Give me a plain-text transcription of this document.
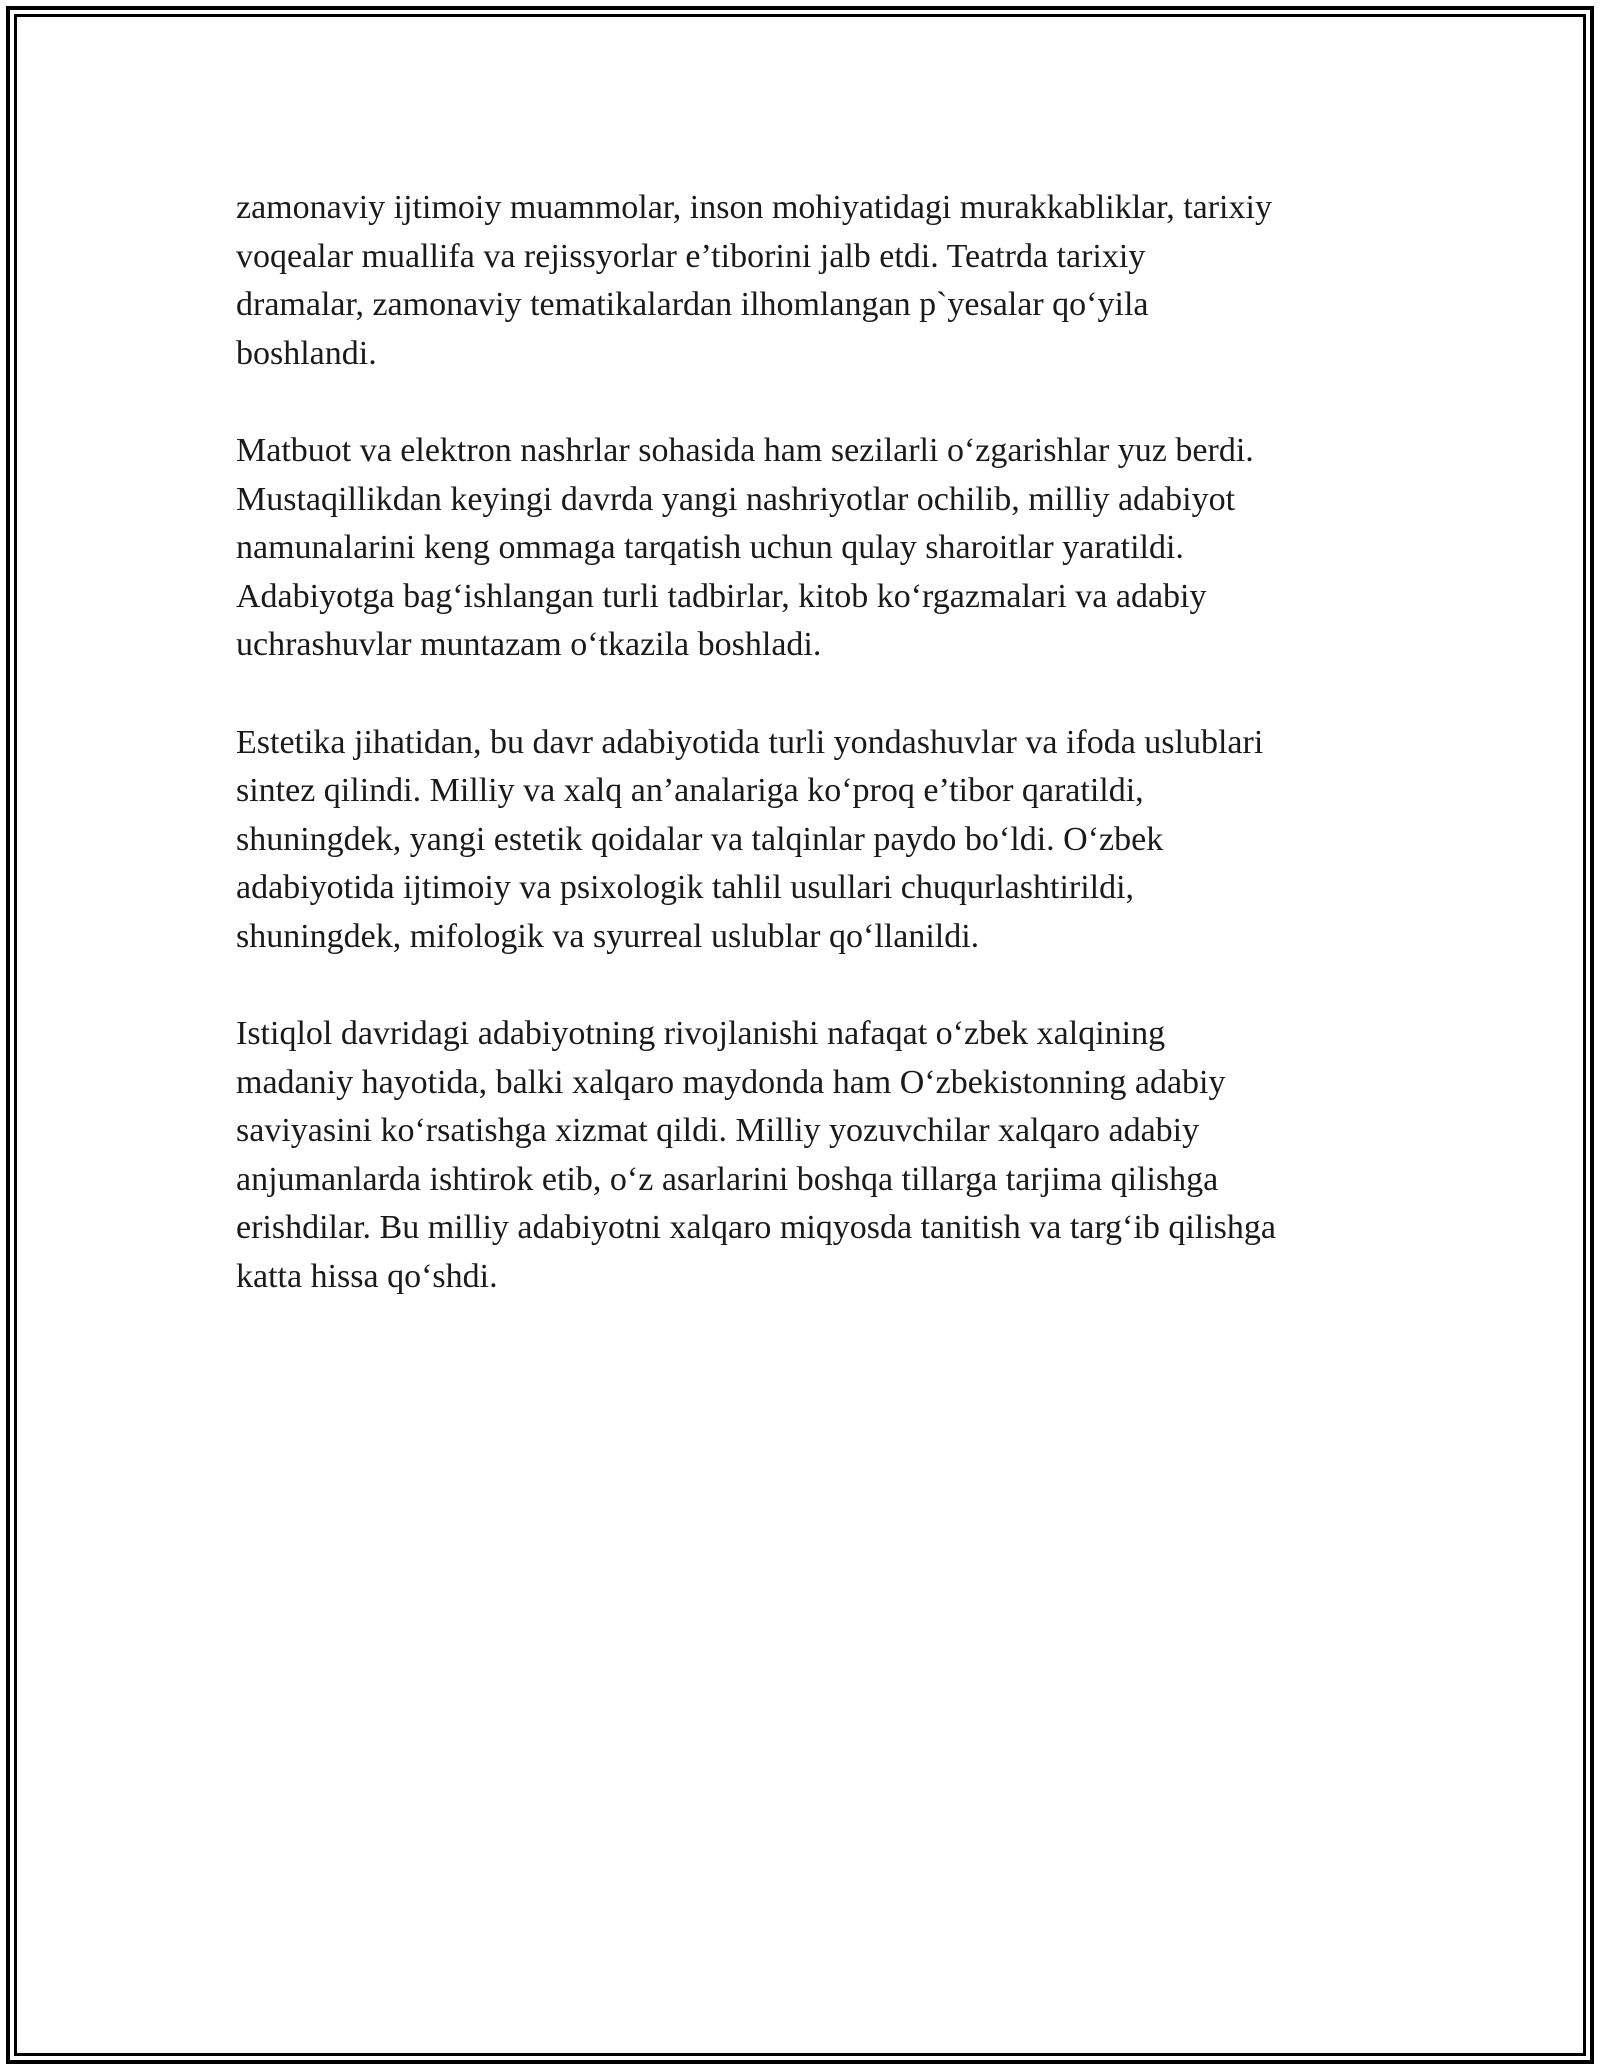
zamonaviy ijtimoiy muammolar, inson mohiyatidagi murakkabliklar, tarixiy
voqealar muallifa va rejissyorlar e’tiborini jalb etdi. Teatrda tarixiy
dramalar, zamonaviy tematikalardan ilhomlangan p`yesalar qo‘yila
boshlandi.

Matbuot va elektron nashrlar sohasida ham sezilarli o‘zgarishlar yuz berdi.
Mustaqillikdan keyingi davrda yangi nashriyotlar ochilib, milliy adabiyot
namunalarini keng ommaga tarqatish uchun qulay sharoitlar yaratildi.
Adabiyotga bag‘ishlangan turli tadbirlar, kitob ko‘rgazmalari va adabiy
uchrashuvlar muntazam o‘tkazila boshladi.

Estetika jihatidan, bu davr adabiyotida turli yondashuvlar va ifoda uslublari
sintez qilindi. Milliy va xalq an’analariga ko‘proq e’tibor qaratildi,
shuningdek, yangi estetik qoidalar va talqinlar paydo bo‘ldi. O‘zbek
adabiyotida ijtimoiy va psixologik tahlil usullari chuqurlashtirildi,
shuningdek, mifologik va syurreal uslublar qo‘llanildi.

Istiqlol davridagi adabiyotning rivojlanishi nafaqat o‘zbek xalqining
madaniy hayotida, balki xalqaro maydonda ham O‘zbekistonning adabiy
saviyasini ko‘rsatishga xizmat qildi. Milliy yozuvchilar xalqaro adabiy
anjumanlarda ishtirok etib, o‘z asarlarini boshqa tillarga tarjima qilishga
erishdilar. Bu milliy adabiyotni xalqaro miqyosda tanitish va targ‘ib qilishga
katta hissa qo‘shdi.
